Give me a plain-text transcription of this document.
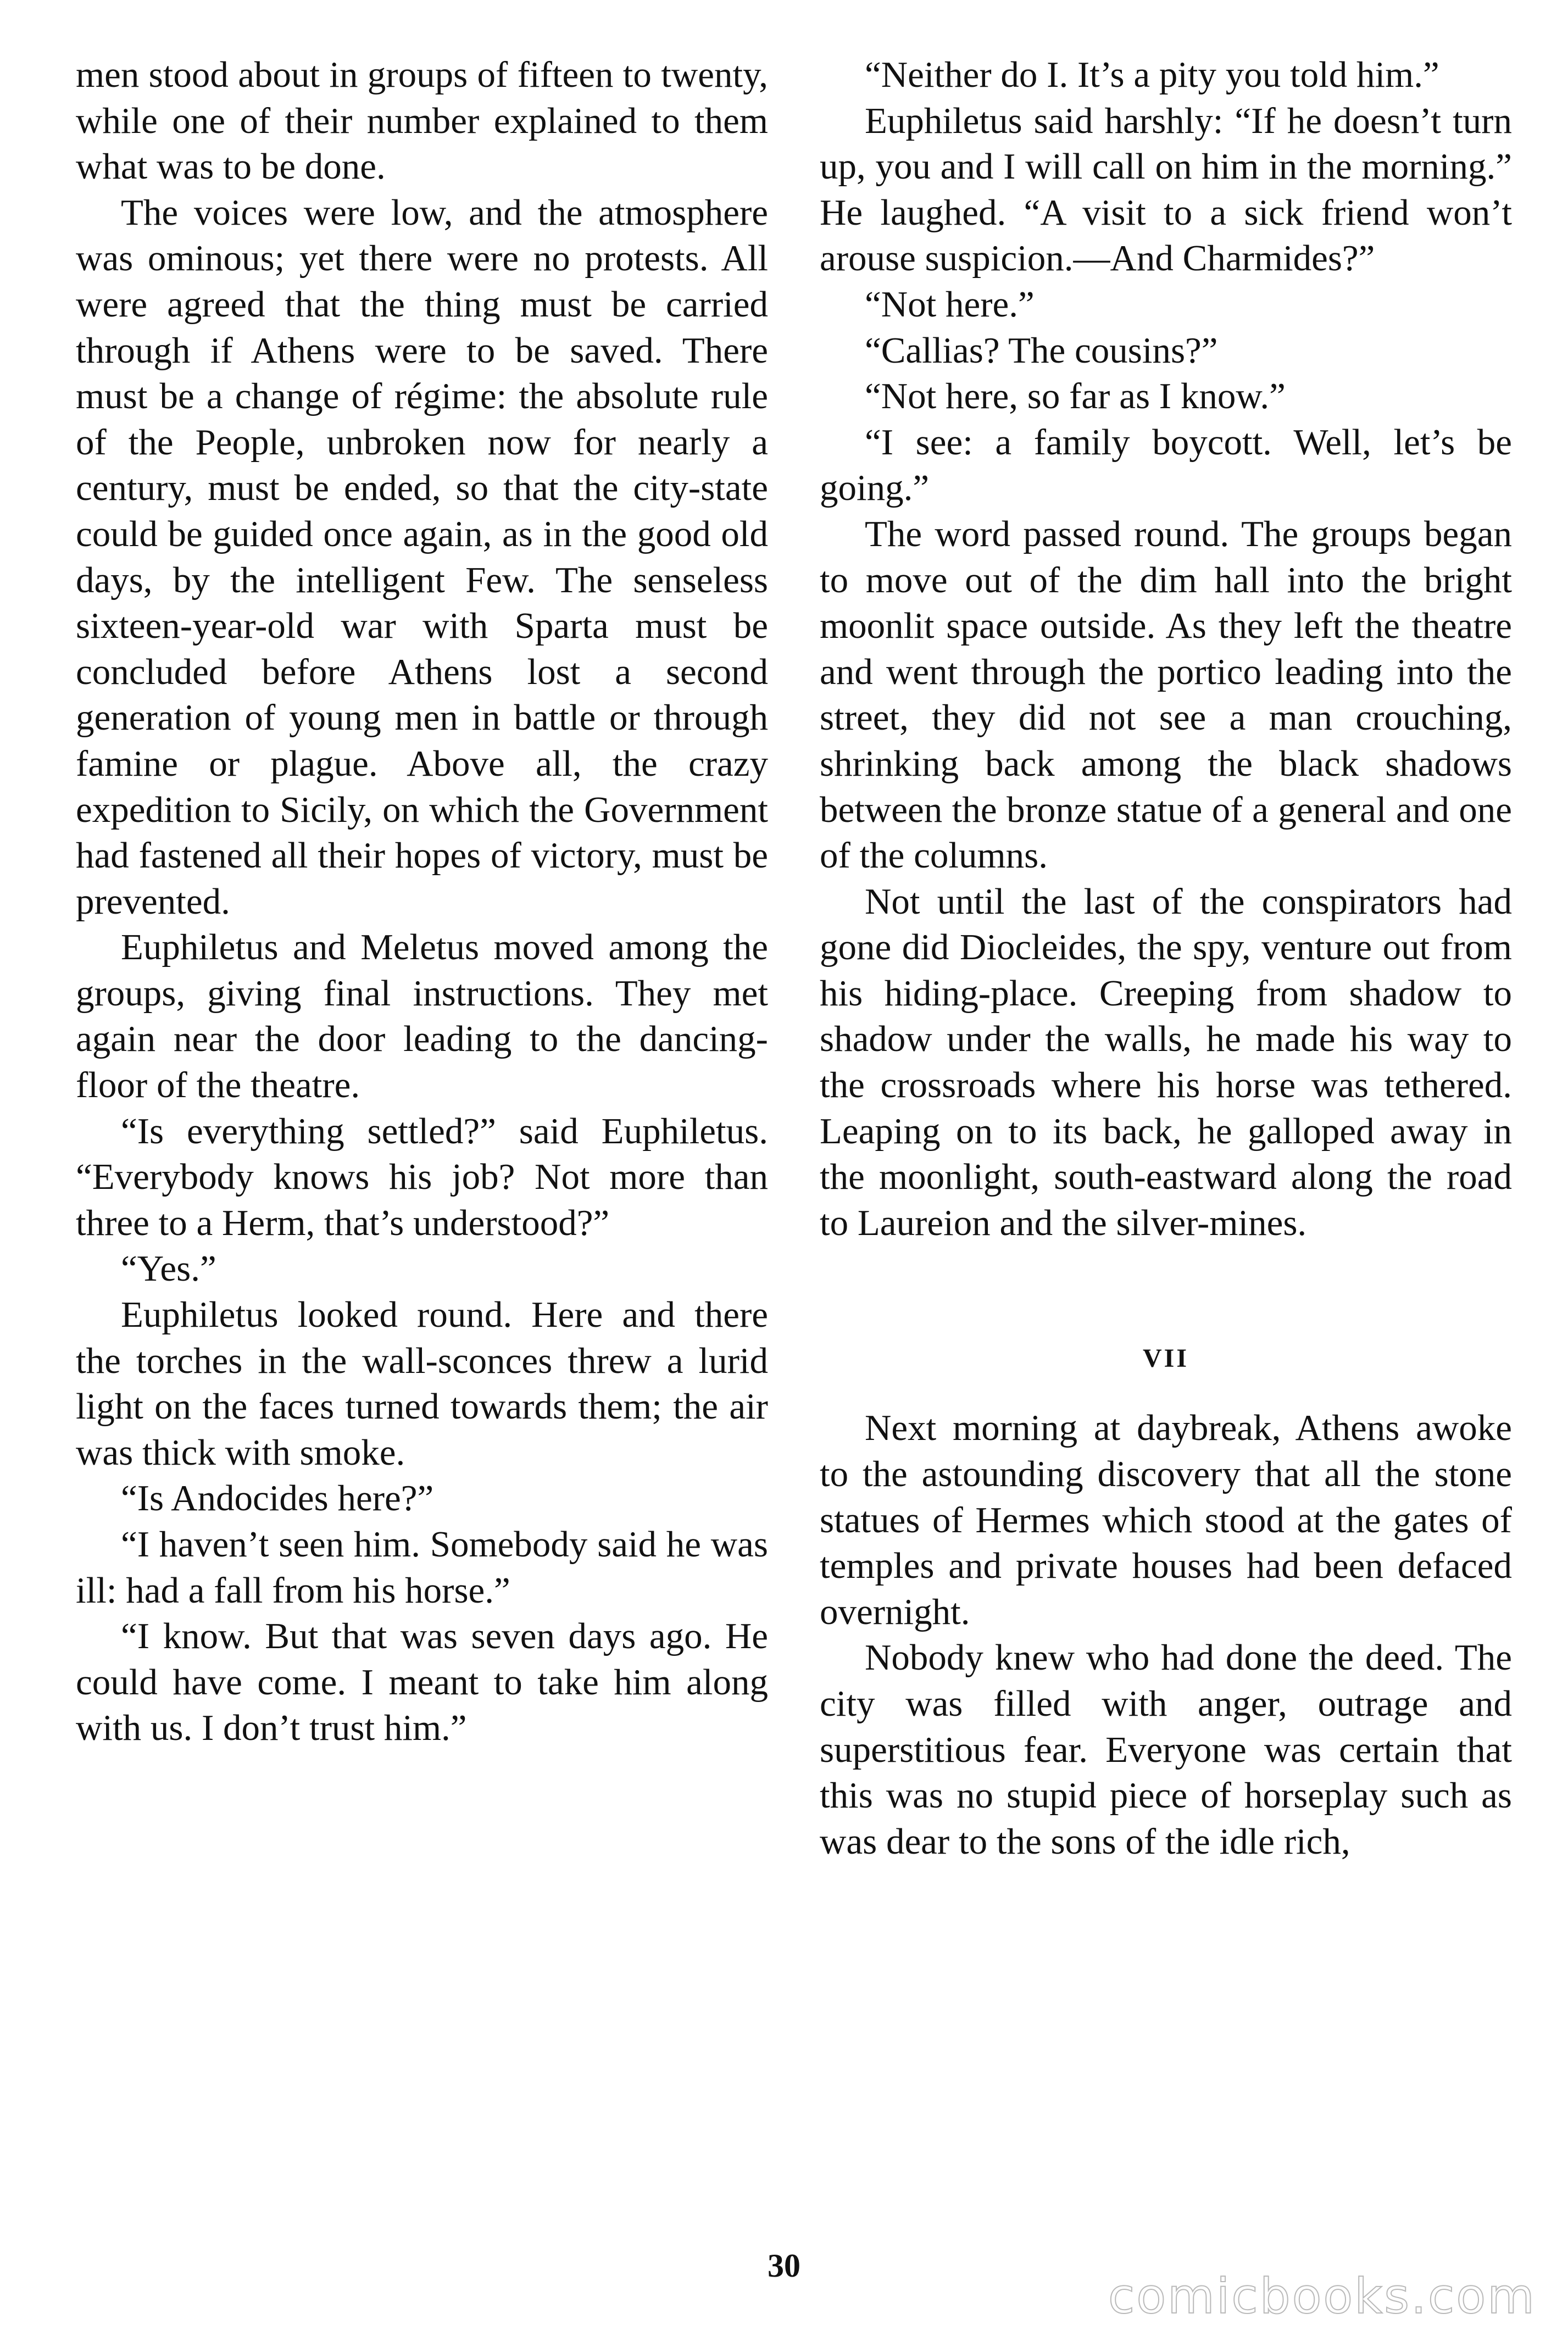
men stood about in groups of fifteen to twenty, while one of their number explained to them what was to be done.

The voices were low, and the atmosphere was ominous; yet there were no protests. All were agreed that the thing must be carried through if Athens were to be saved. There must be a change of régime: the absolute rule of the People, unbroken now for nearly a century, must be ended, so that the city-state could be guided once again, as in the good old days, by the intelligent Few. The senseless sixteen-year-old war with Sparta must be concluded before Athens lost a second generation of young men in battle or through famine or plague. Above all, the crazy expedition to Sicily, on which the Government had fastened all their hopes of victory, must be prevented.

Euphiletus and Meletus moved among the groups, giving final instructions. They met again near the door leading to the dancing-floor of the theatre.

“Is everything settled?” said Euphiletus. “Everybody knows his job? Not more than three to a Herm, that’s understood?”

“Yes.”

Euphiletus looked round. Here and there the torches in the wall-sconces threw a lurid light on the faces turned towards them; the air was thick with smoke.

“Is Andocides here?”

“I haven’t seen him. Somebody said he was ill: had a fall from his horse.”

“I know. But that was seven days ago. He could have come. I meant to take him along with us. I don’t trust him.”

“Neither do I. It’s a pity you told him.”

Euphiletus said harshly: “If he doesn’t turn up, you and I will call on him in the morning.” He laughed. “A visit to a sick friend won’t arouse suspicion.—And Charmides?”

“Not here.”

“Callias? The cousins?”

“Not here, so far as I know.”

“I see: a family boycott. Well, let’s be going.”

The word passed round. The groups began to move out of the dim hall into the bright moonlit space outside. As they left the theatre and went through the portico leading into the street, they did not see a man crouching, shrinking back among the black shadows between the bronze statue of a general and one of the columns.

Not until the last of the conspirators had gone did Diocleides, the spy, venture out from his hiding-place. Creeping from shadow to shadow under the walls, he made his way to the crossroads where his horse was tethered. Leaping on to its back, he galloped away in the moonlight, south-eastward along the road to Laureion and the silver-mines.

VII

Next morning at daybreak, Athens awoke to the astounding discovery that all the stone statues of Hermes which stood at the gates of temples and private houses had been defaced overnight.

Nobody knew who had done the deed. The city was filled with anger, outrage and superstitious fear. Everyone was certain that this was no stupid piece of horseplay such as was dear to the sons of the idle rich,

30
comicbooks.com
